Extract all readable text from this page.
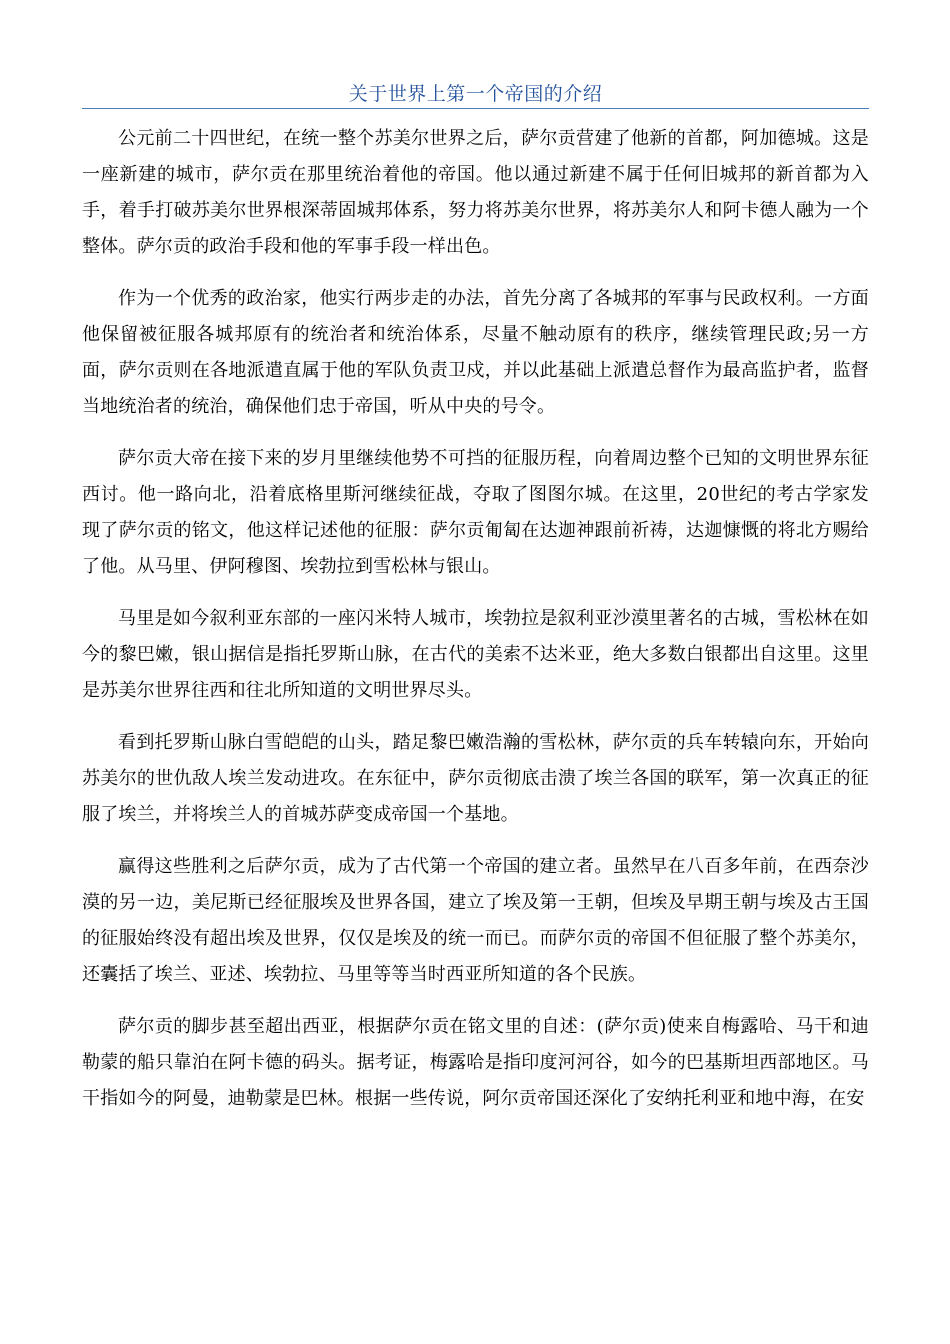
关于世界上第一个帝国的介绍

公元前二十四世纪，在统一整个苏美尔世界之后，萨尔贡营建了他新的首都，阿加德城。这是一座新建的城市，萨尔贡在那里统治着他的帝国。他以通过新建不属于任何旧城邦的新首都为入手，着手打破苏美尔世界根深蒂固城邦体系，努力将苏美尔世界，将苏美尔人和阿卡德人融为一个整体。萨尔贡的政治手段和他的军事手段一样出色。

作为一个优秀的政治家，他实行两步走的办法，首先分离了各城邦的军事与民政权利。一方面他保留被征服各城邦原有的统治者和统治体系，尽量不触动原有的秩序，继续管理民政;另一方面，萨尔贡则在各地派遣直属于他的军队负责卫戍，并以此基础上派遣总督作为最高监护者，监督当地统治者的统治，确保他们忠于帝国，听从中央的号令。

萨尔贡大帝在接下来的岁月里继续他势不可挡的征服历程，向着周边整个已知的文明世界东征西讨。他一路向北，沿着底格里斯河继续征战，夺取了图图尔城。在这里，20世纪的考古学家发现了萨尔贡的铭文，他这样记述他的征服：萨尔贡匍匐在达迦神跟前祈祷，达迦慷慨的将北方赐给了他。从马里、伊阿穆图、埃勃拉到雪松林与银山。

马里是如今叙利亚东部的一座闪米特人城市，埃勃拉是叙利亚沙漠里著名的古城，雪松林在如今的黎巴嫩，银山据信是指托罗斯山脉，在古代的美索不达米亚，绝大多数白银都出自这里。这里是苏美尔世界往西和往北所知道的文明世界尽头。

看到托罗斯山脉白雪皑皑的山头，踏足黎巴嫩浩瀚的雪松林，萨尔贡的兵车转辕向东，开始向苏美尔的世仇敌人埃兰发动进攻。在东征中，萨尔贡彻底击溃了埃兰各国的联军，第一次真正的征服了埃兰，并将埃兰人的首城苏萨变成帝国一个基地。

赢得这些胜利之后萨尔贡，成为了古代第一个帝国的建立者。虽然早在八百多年前，在西奈沙漠的另一边，美尼斯已经征服埃及世界各国，建立了埃及第一王朝，但埃及早期王朝与埃及古王国的征服始终没有超出埃及世界，仅仅是埃及的统一而已。而萨尔贡的帝国不但征服了整个苏美尔，还囊括了埃兰、亚述、埃勃拉、马里等等当时西亚所知道的各个民族。

萨尔贡的脚步甚至超出西亚，根据萨尔贡在铭文里的自述：(萨尔贡)使来自梅露哈、马干和迪勒蒙的船只靠泊在阿卡德的码头。据考证，梅露哈是指印度河河谷，如今的巴基斯坦西部地区。马干指如今的阿曼，迪勒蒙是巴林。根据一些传说，阿尔贡帝国还深化了安纳托利亚和地中海，在安
